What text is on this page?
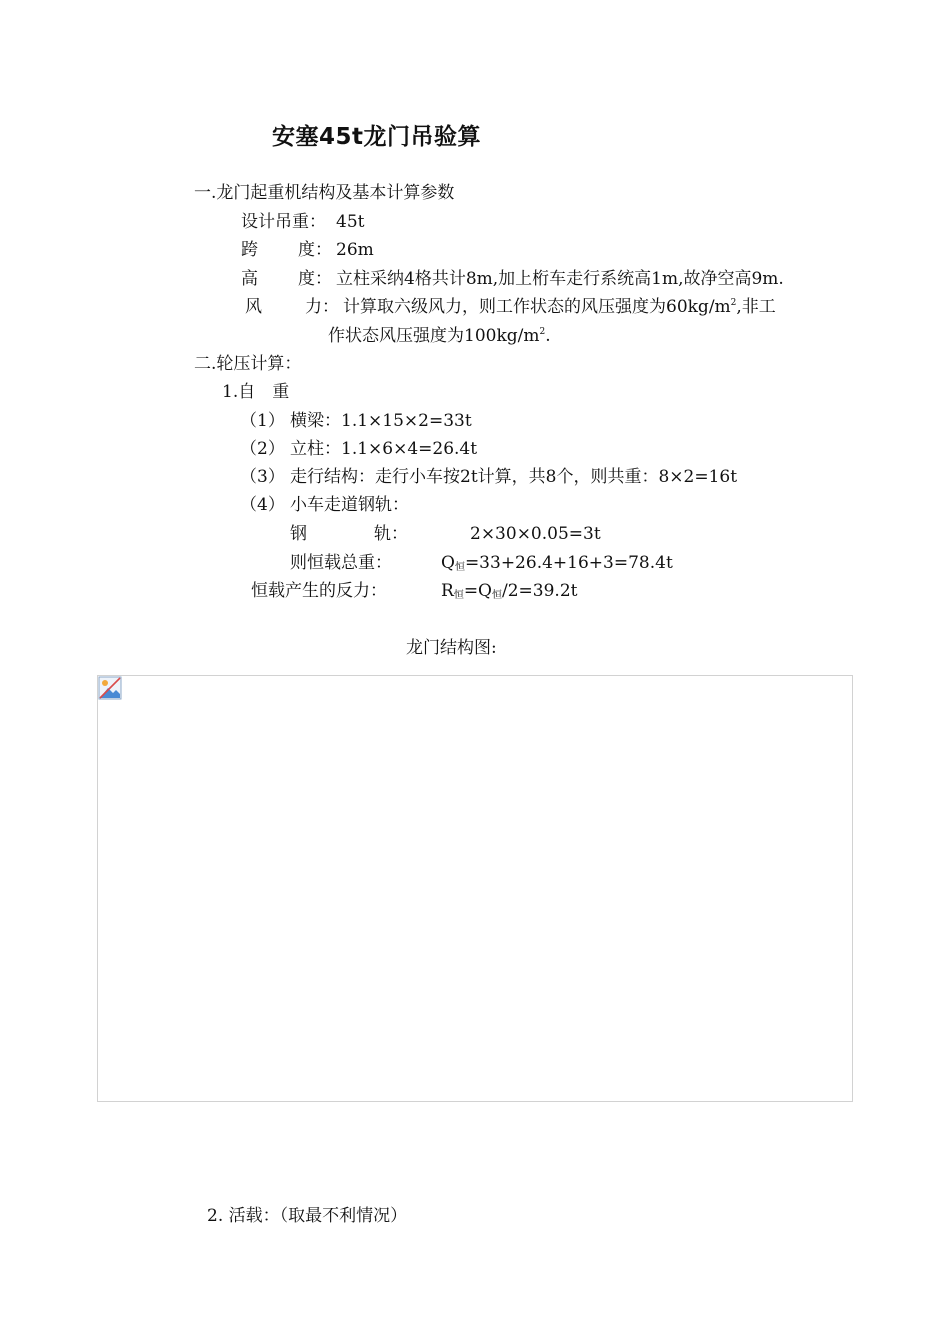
安塞45t龙门吊验算
一.龙门起重机结构及基本计算参数
设计吊重： 45t
跨 度： 26m
高 度： 立柱采纳4格共计8m,加上桁车走行系统高1m,故净空高9m.
风	力： 计算取六级风力，则工作状态的风压强度为$60kg/m^2$,非工
作状态风压强度为$100kg/m^2$.
二.轮压计算：
1.自　重
（1） 横梁：1.1×15×2=33t
（2） 立柱：1.1×6×4=26.4t
（3） 走行结构：走行小车按2t计算，共8个，则共重：8×2=16t
（4） 小车走道钢轨：
钢	轨：	2×30×0.05=3t
则恒载总重：	$Q_恒=33+26.4+16+3=78.4t$
恒载产生的反力：	$R_恒=Q_恒/2=39.2t$
龙门结构图:
2. 活载：（取最不利情况）
